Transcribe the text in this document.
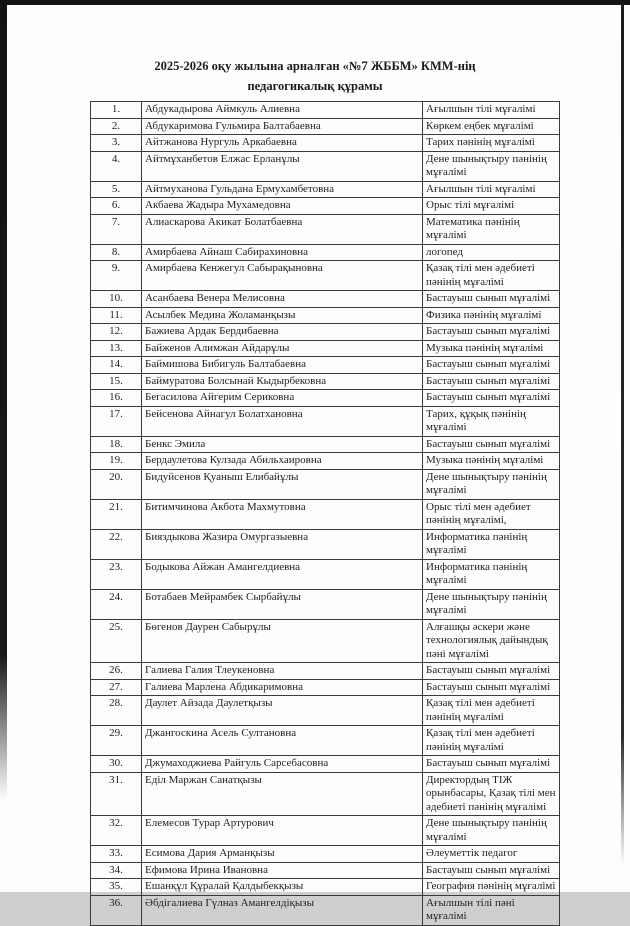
2025-2026 оқу жылына арналған «№7 ЖББМ» КММ-нің
педагогикалық құрамы
1.	Абдукадырова Аймкуль Алиевна	Ағылшын тілі мұғалімі
2.	Абдукаримова Гульмира Балтабаевна	Көркем еңбек мұғалімі
3.	Айтжанова Нургуль Аркабаевна	Тарих пәнінің мұғалімі
4.	Айтмұханбетов Елжас Ерланұлы	Дене шынықтыру пәнінің мұғалімі
5.	Айтмуханова Гульдана Ермухамбетовна	Ағылшын тілі мұғалімі
6.	Акбаева Жадыра Мухамедовна	Орыс тілі мұғалімі
7.	Алиаскарова Акикат Болатбаевна	Математика пәнінің мұғалімі
8.	Амирбаева Айнаш Сабирахиновна	логопед
9.	Амирбаева Кенжегул Сабырақыновна	Қазақ тілі мен әдебиеті пәнінің мұғалімі
10.	Асанбаева Венера Мелисовна	Бастауыш сынып мұғалімі
11.	Асылбек Медина Жоламанқызы	Физика пәнінің мұғалімі
12.	Бажиева Ардак Бердибаевна	Бастауыш сынып мұғалімі
13.	Байженов Алимжан Айдарұлы	Музыка пәнінің мұғалімі
14.	Баймишова Бибигуль Балтабаевна	Бастауыш сынып мұғалімі
15.	Баймуратова Болсынай Кыдырбековна	Бастауыш сынып мұғалімі
16.	Бегасилова Айгерим Сериковна	Бастауыш сынып мұғалімі
17.	Бейсенова Айнагул Болатхановна	Тарих, құқық пәнінің мұғалімі
18.	Бенкс Эмила	Бастауыш сынып мұғалімі
19.	Бердаулетова Кулзада Абильхаировна	Музыка пәнінің мұғалімі
20.	Бидуйсенов Қуаныш Елибайұлы	Дене шынықтыру пәнінің мұғалімі
21.	Битимчинова Акбота Махмутовна	Орыс тілі мен әдебиет пәнінің мұғалімі,
22.	Бияздыкова Жазира Омургазыевна	Информатика пәнінің мұғалімі
23.	Бодыкова Айжан Амангелдиевна	Информатика пәнінің мұғалімі
24.	Ботабаев Мейрамбек Сырбайұлы	Дене шынықтыру пәнінің мұғалімі
25.	Бөгенов Даурен Сабырұлы	Алғашқы әскери және технологиялық дайындық пәні мұғалімі
26.	Галиева Галия Тлеукеновна	Бастауыш сынып мұғалімі
27.	Галиева Марлена Абдикаримовна	Бастауыш сынып мұғалімі
28.	Даулет Айзада Даулетқызы	Қазақ тілі мен әдебиеті пәнінің мұғалімі
29.	Джангоскина Асель Султановна	Қазақ тілі мен әдебиеті пәнінің мұғалімі
30.	Джумаходжиева Райгуль Сарсебасовна	Бастауыш сынып мұғалімі
31.	Еділ Маржан Санатқызы	Директордың ТІЖ орынбасары, Қазақ тілі мен әдебиеті пәнінің мұғалімі
32.	Елемесов Турар Артурович	Дене шынықтыру пәнінің мұғалімі
33.	Есимова Дария Арманқызы	Әлеуметтік педагог
34.	Ефимова Ирина Ивановна	Бастауыш сынып мұғалімі
35.	Ешанқұл Құралай Қалдыбекқызы	География пәнінің мұғалімі
36.	Әбдігалиева Гүлназ Амангелдіқызы	Ағылшын тілі пәні мұғалімі
